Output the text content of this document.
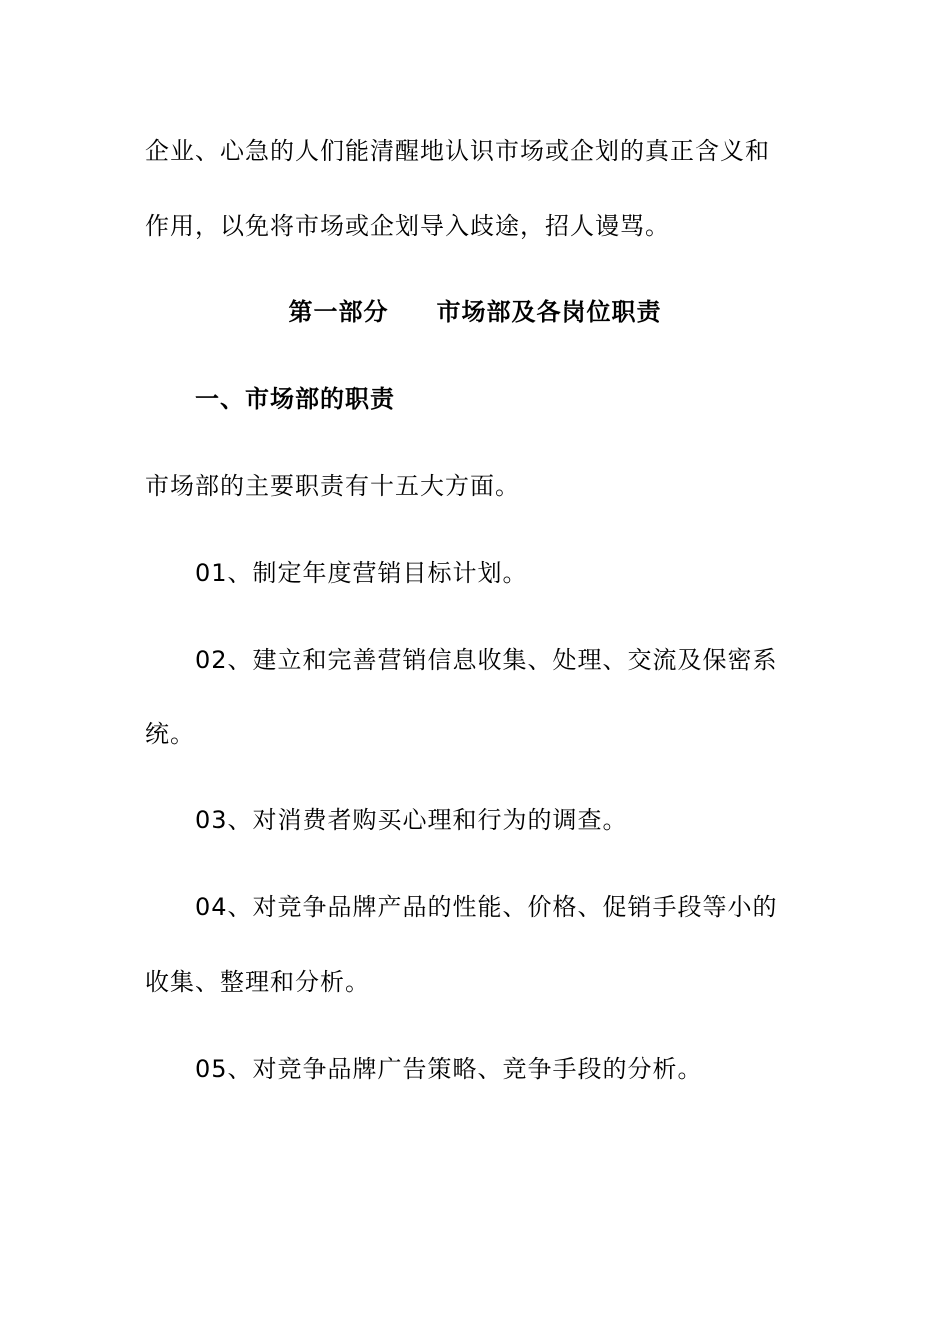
企业、心急的人们能清醒地认识市场或企划的真正含义和
作用，以免将市场或企划导入歧途，招人谩骂。
第一部分 市场部及各岗位职责
一、市场部的职责
市场部的主要职责有十五大方面。
01、制定年度营销目标计划。
02、建立和完善营销信息收集、处理、交流及保密系
统。
03、对消费者购买心理和行为的调查。
04、对竞争品牌产品的性能、价格、促销手段等小的
收集、整理和分析。
05、对竞争品牌广告策略、竞争手段的分析。
